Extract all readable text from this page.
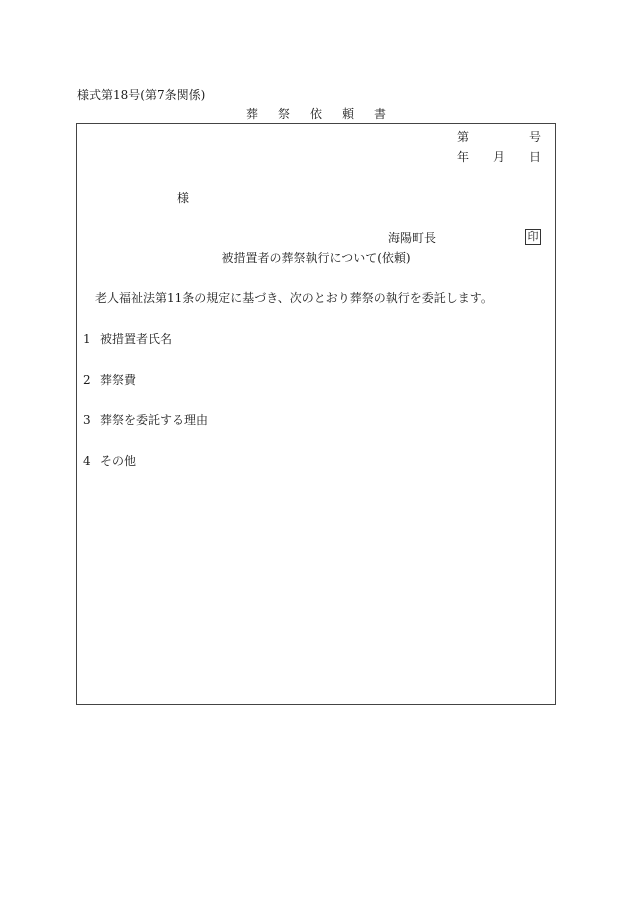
様式第18号(第7条関係)
葬 祭 依 頼 書
第	号
年 月 日
様
海陽町長	印
被措置者の葬祭執行について(依頼)
老人福祉法第11条の規定に基づき、次のとおり葬祭の執行を委託します。
1 被措置者氏名
2 葬祭費
3 葬祭を委託する理由
4 その他
